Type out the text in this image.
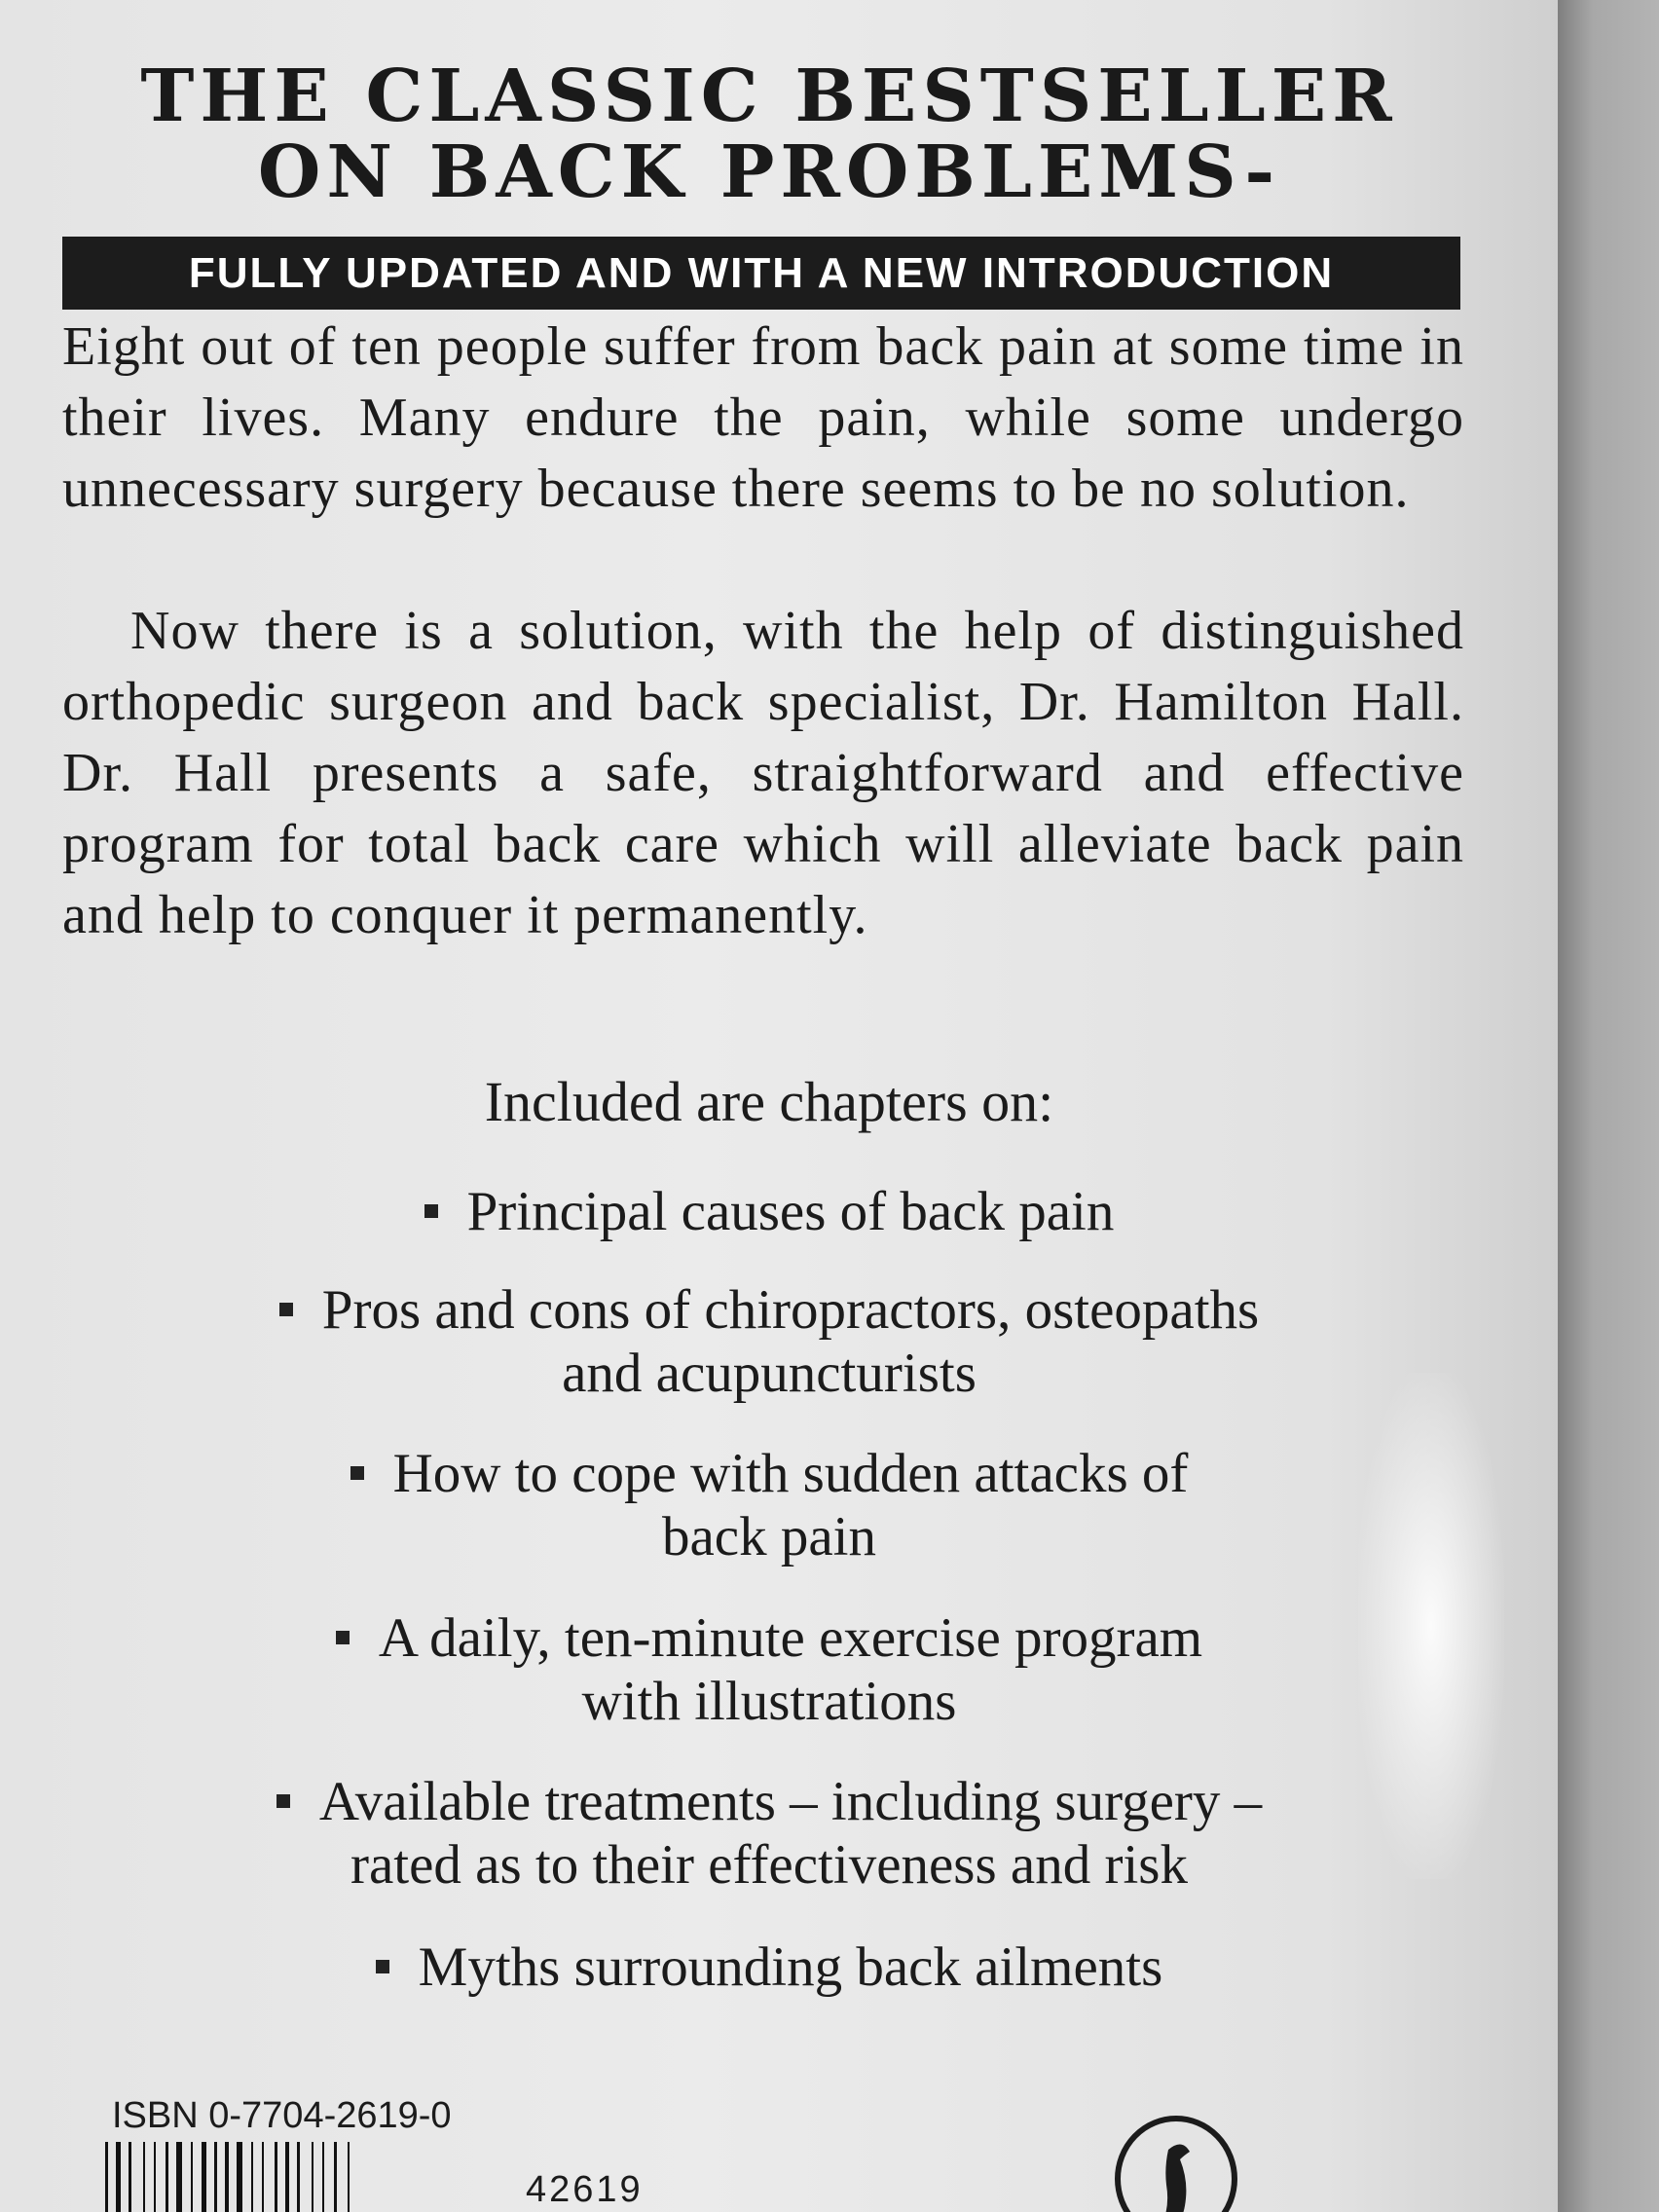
THE CLASSIC BESTSELLER
ON BACK PROBLEMS-
FULLY UPDATED AND WITH A NEW INTRODUCTION

Eight out of ten people suffer from back pain at some time in their lives. Many endure the pain, while some undergo unnecessary surgery because there seems to be no solution.

Now there is a solution, with the help of distinguished orthopedic surgeon and back specialist, Dr. Hamilton Hall. Dr. Hall presents a safe, straightforward and effective program for total back care which will alleviate back pain and help to conquer it permanently.

Included are chapters on:

Principal causes of back pain
Pros and cons of chiropractors, osteopaths
and acupuncturists
How to cope with sudden attacks of
back pain
A daily, ten-minute exercise program
with illustrations
Available treatments – including surgery –
rated as to their effectiveness and risk
Myths surrounding back ailments
ISBN 0-7704-2619-0
42619
